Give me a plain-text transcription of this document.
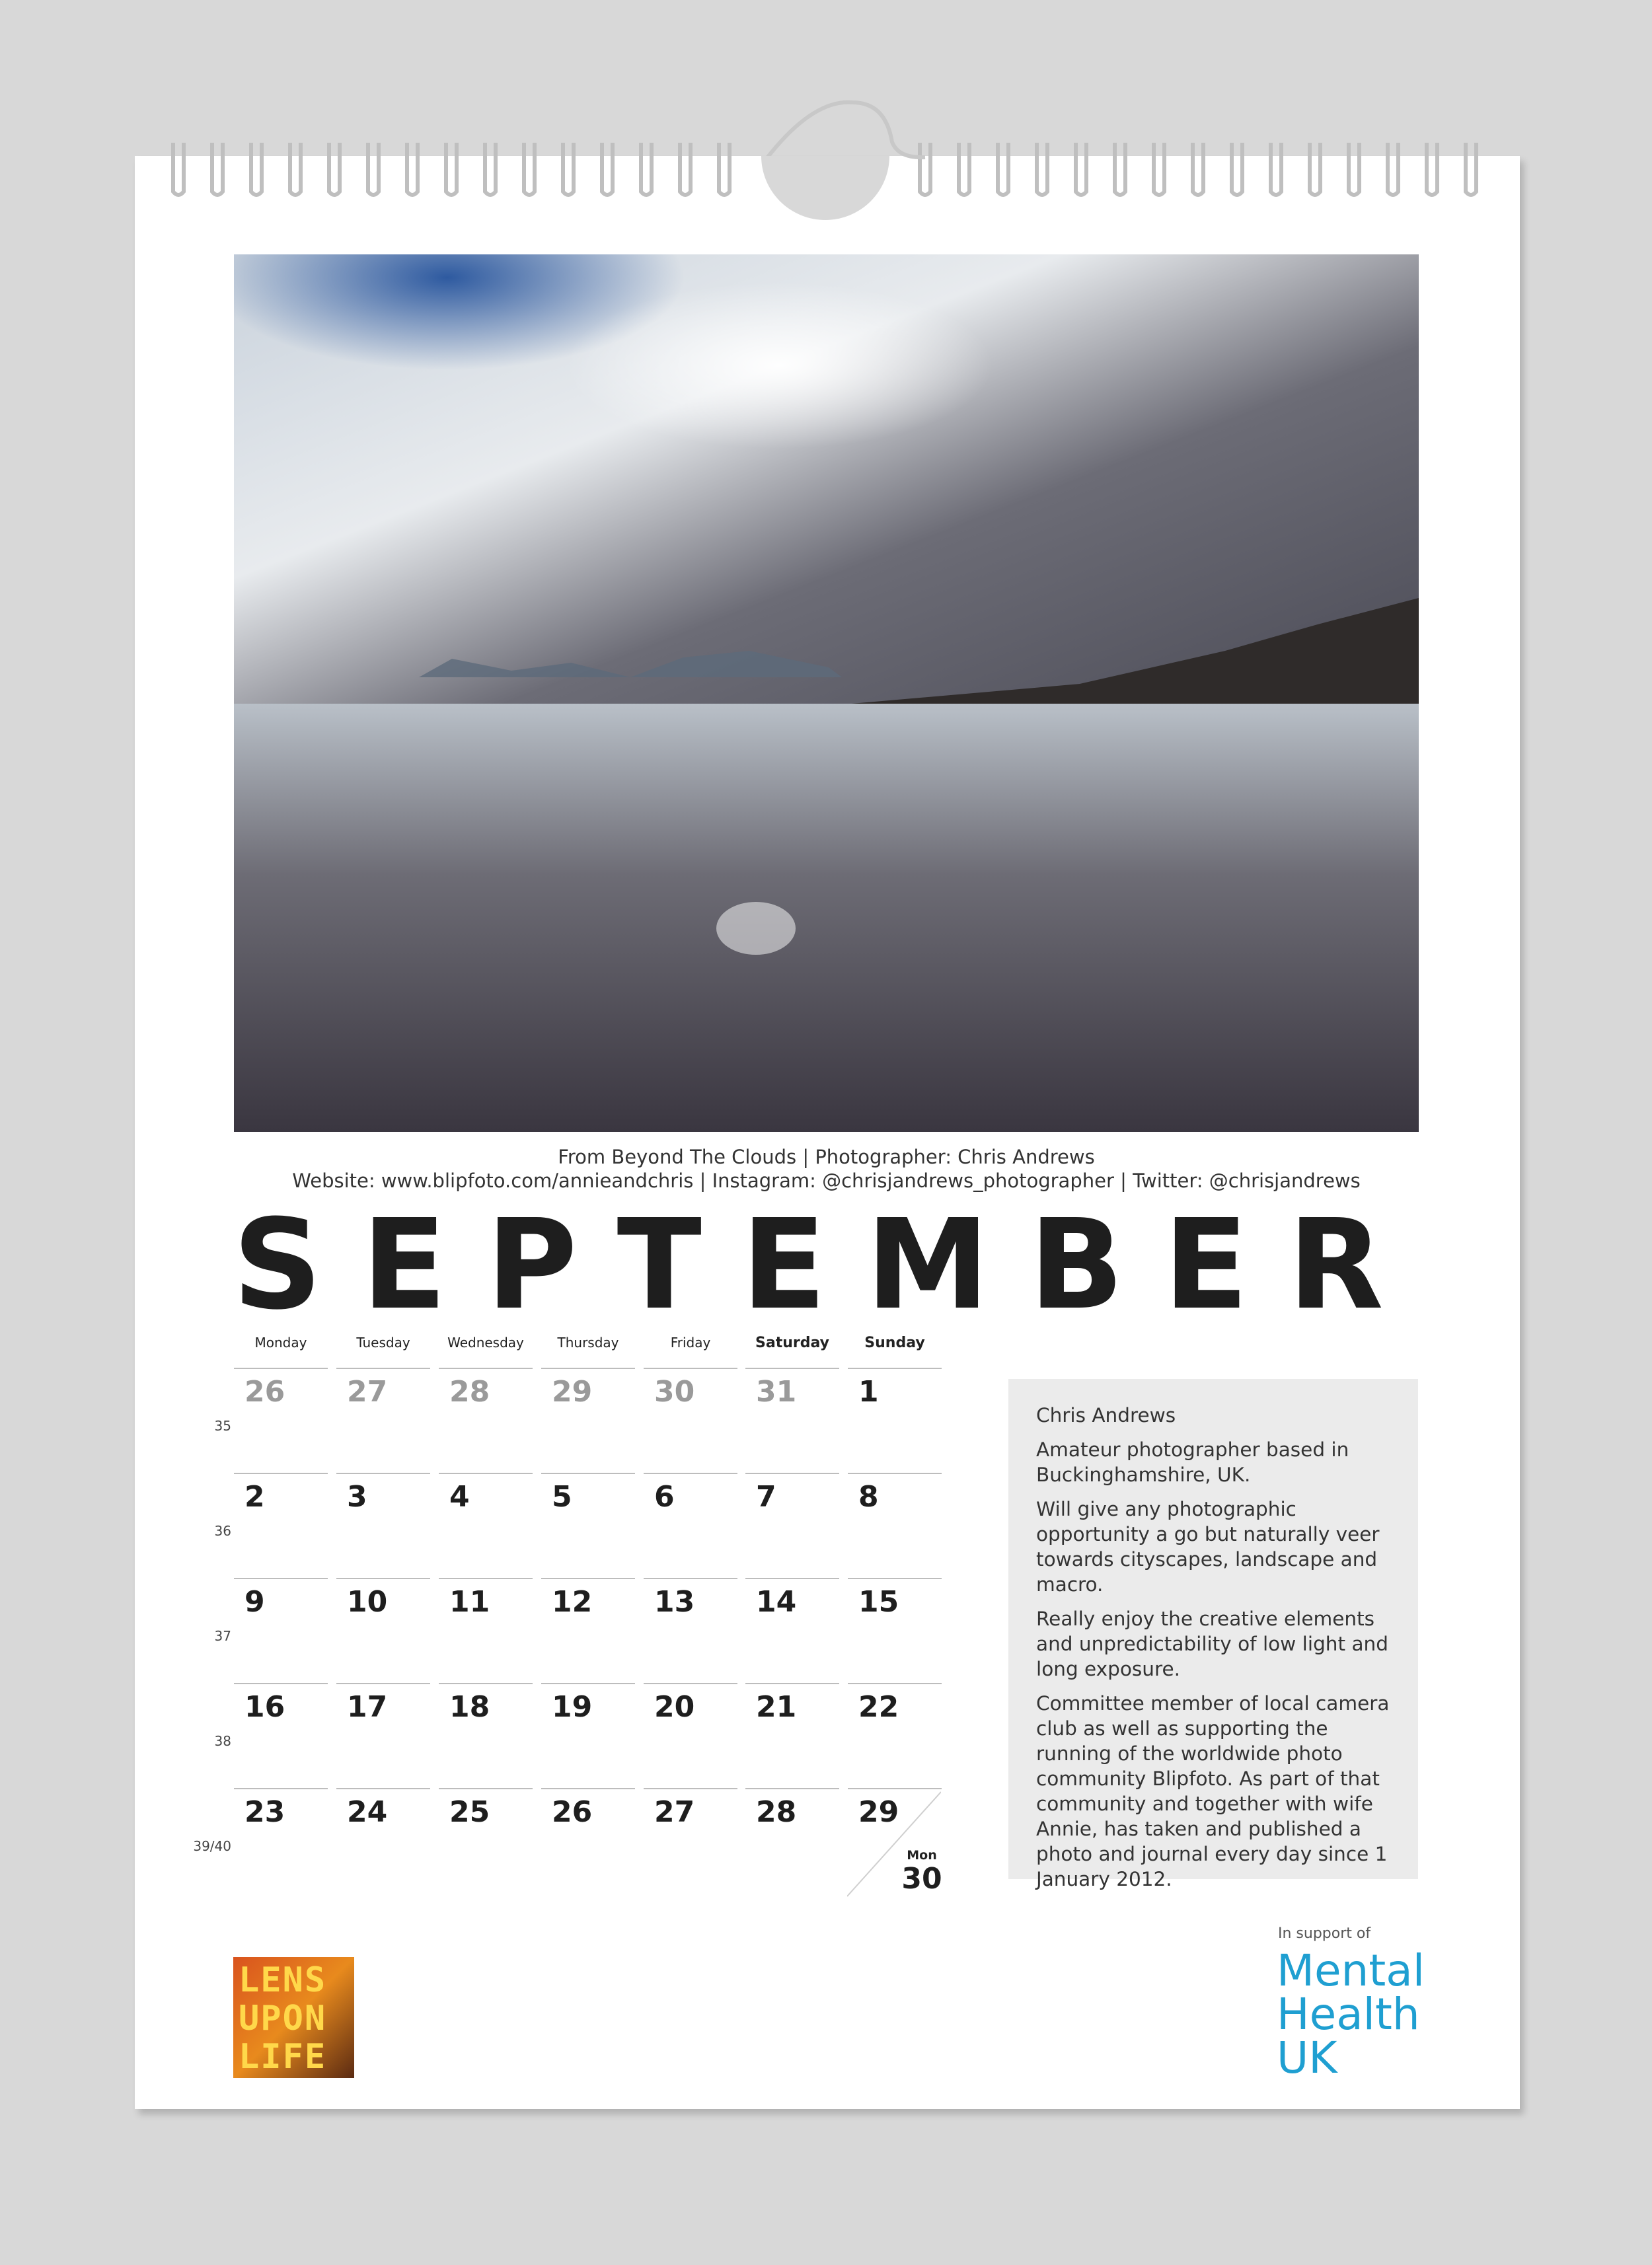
From Beyond The Clouds | Photographer: Chris Andrews
Website: www.blipfoto.com/annieandchris | Instagram: @chrisjandrews_photographer | Twitter: @chrisjandrews
SEPTEMBER
Monday	Tuesday	Wednesday	Thursday	Friday	Saturday	Sunday
35
26 27 28 29 30 31 1
36
2	3	4	5	6	7	8
37
9	10 11 12 13 14 15
38
16 17 18 19 20 21 22
39/40
23 24 25 26 27 28 29
Mon
30

Chris Andrews

Amateur photographer based in Buckinghamshire, UK.

Will give any photographic opportunity a go but naturally veer towards cityscapes, landscape and macro.

Really enjoy the creative elements and unpredictability of low light and long exposure.

Committee member of local camera club as well as supporting the running of the worldwide photo community Blipfoto. As part of that community and together with wife Annie, has taken and published a photo and journal every day since 1 January 2012.

LENS
UPON
LIFE
In support of
Mental
Health
UK
